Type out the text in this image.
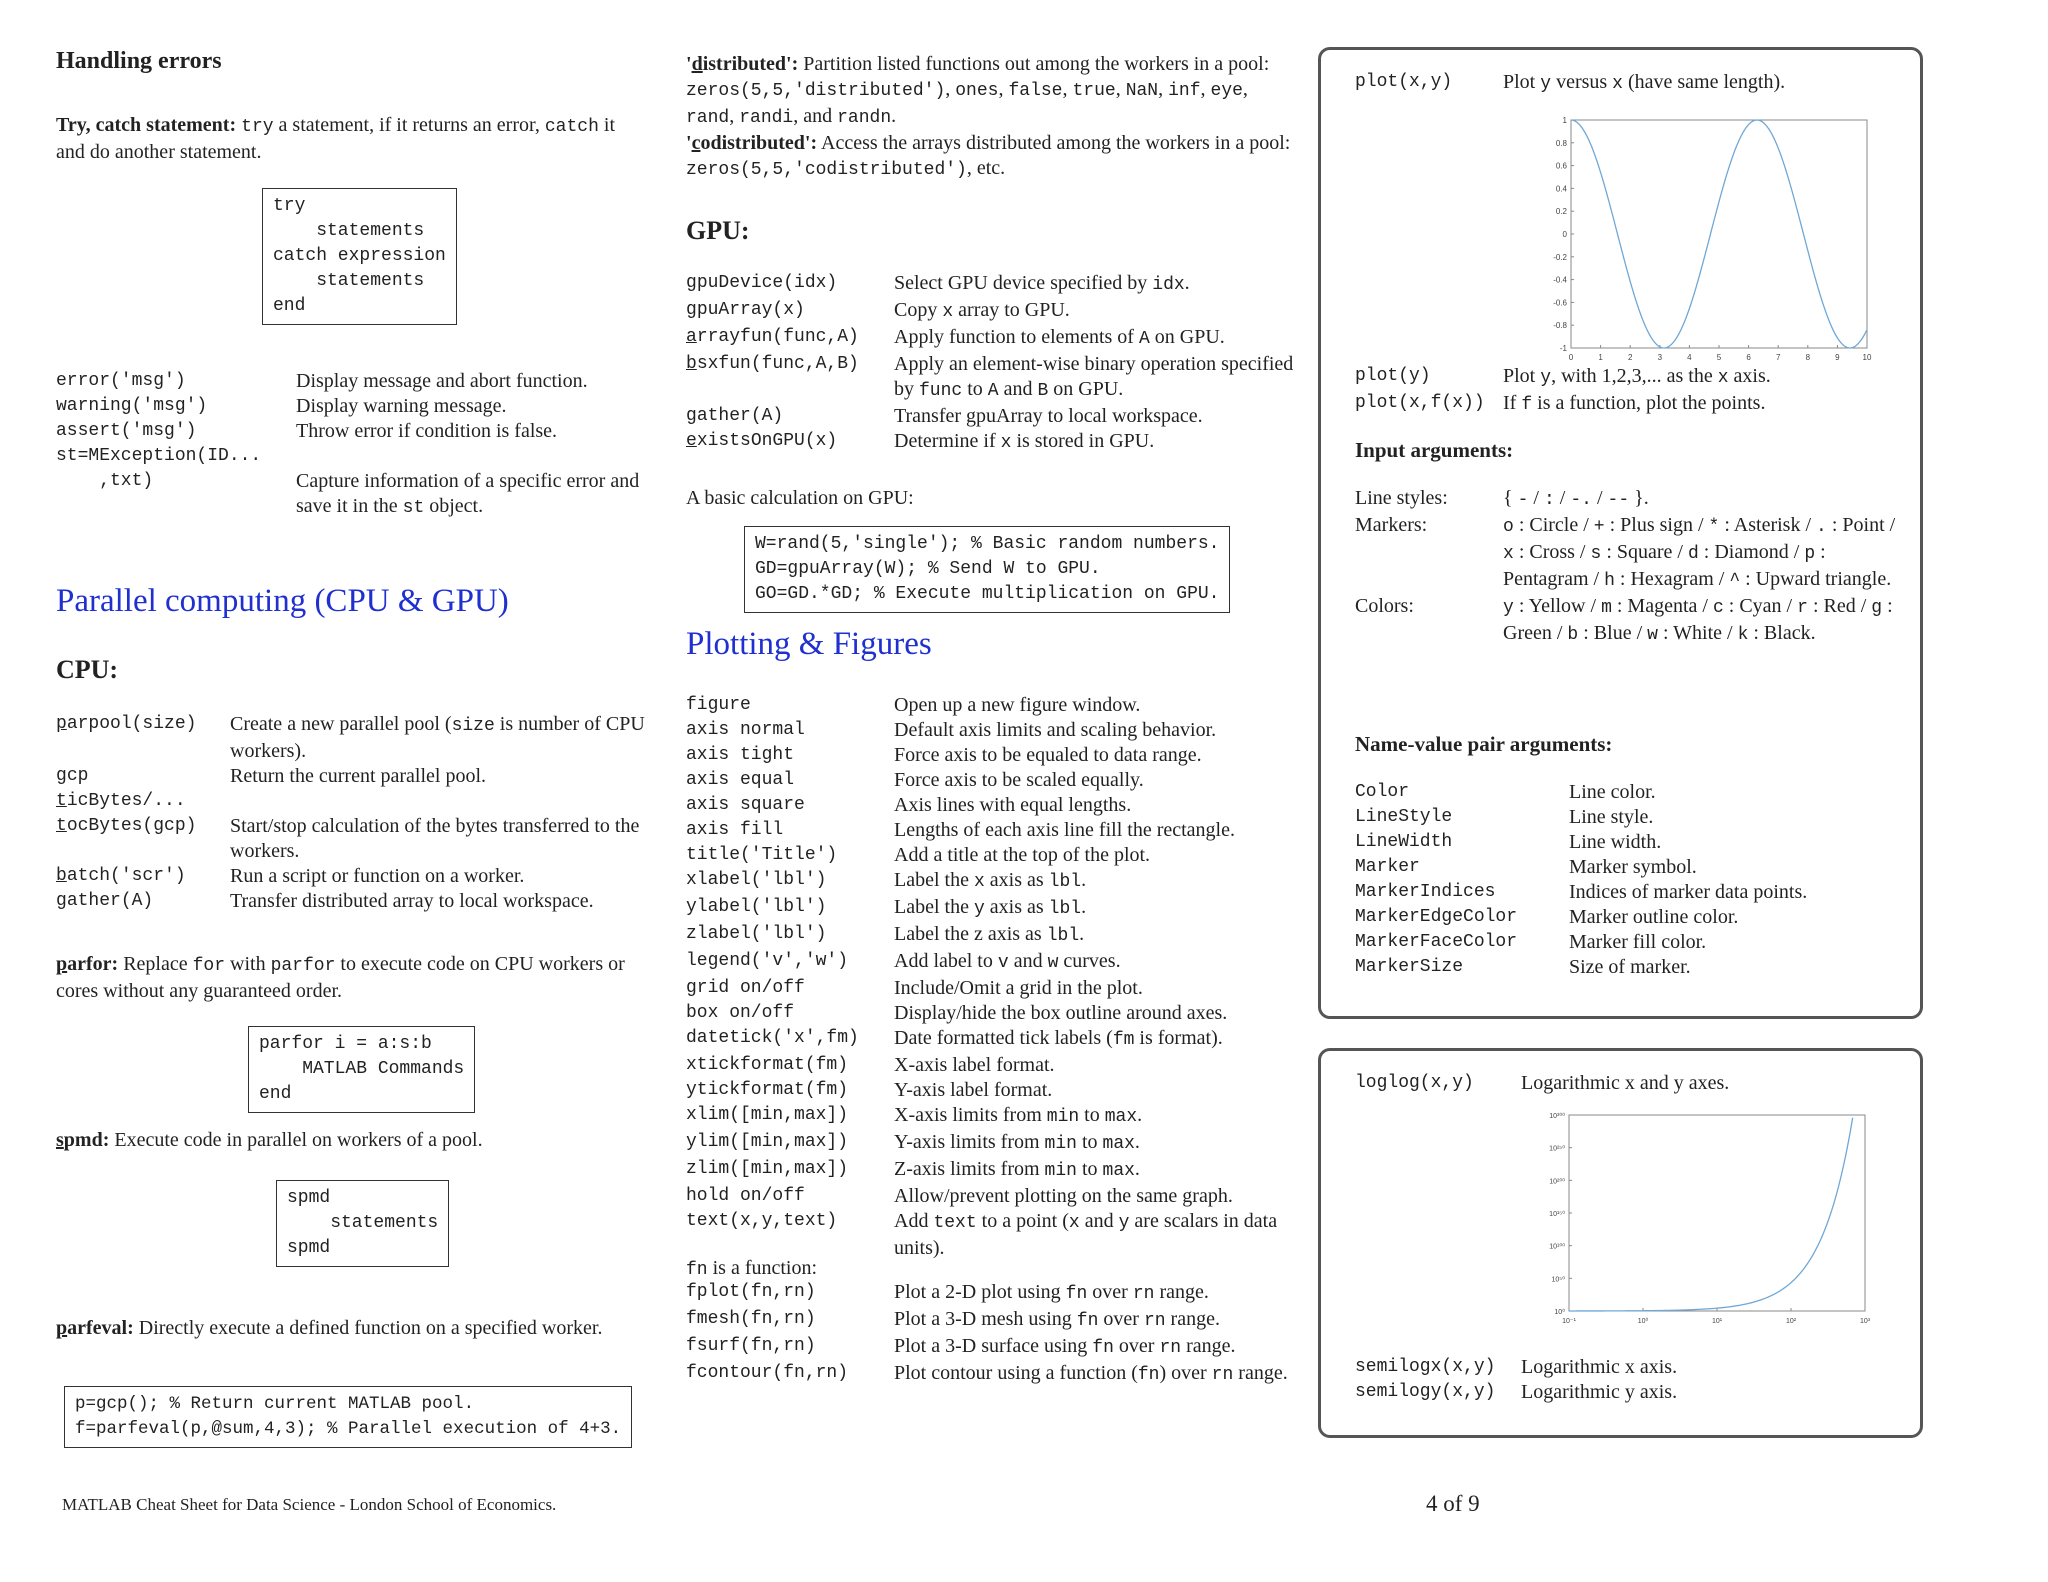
Handling errors
Try, catch statement: try a statement, if it returns an error, catch it and do another statement.
try
statements
catch expression
statements
end
error('msg')	Display message and abort function.
warning('msg')	Display warning message.
assert('msg')	Throw error if condition is false.
st=MException(ID...
,txt)	Capture information of a specific error and save it in the st object.
Parallel computing (CPU & GPU)
CPU:
parpool(size)	Create a new parallel pool (size is number of CPU workers).
gcp	Return the current parallel pool.
ticBytes/...
tocBytes(gcp)	Start/stop calculation of the bytes transferred to the workers.
batch('scr')	Run a script or function on a worker.
gather(A)	Transfer distributed array to local workspace.
parfor: Replace for with parfor to execute code on CPU workers or cores without any guaranteed order.
parfor i = a:s:b
MATLAB Commands
end
spmd: Execute code in parallel on workers of a pool.
spmd
statements
spmd
parfeval: Directly execute a defined function on a specified worker.
p=gcp(); % Return current MATLAB pool.
f=parfeval(p,@sum,4,3); % Parallel execution of 4+3.
'distributed': Partition listed functions out among the workers in a pool: zeros(5,5,'distributed'), ones, false, true, NaN, inf, eye, rand, randi, and randn.
'codistributed': Access the arrays distributed among the workers in a pool: zeros(5,5,'codistributed'), etc.
GPU:
gpuDevice(idx)	Select GPU device specified by idx.
gpuArray(x)	Copy x array to GPU.
arrayfun(func,A)	Apply function to elements of A on GPU.
bsxfun(func,A,B)	Apply an element-wise binary operation specified by func to A and B on GPU.
gather(A)	Transfer gpuArray to local workspace.
existsOnGPU(x)	Determine if x is stored in GPU.
A basic calculation on GPU:
W=rand(5,'single'); % Basic random numbers.
GD=gpuArray(W); % Send W to GPU.
GO=GD.*GD; % Execute multiplication on GPU.
Plotting & Figures
figure	Open up a new figure window.
axis normal	Default axis limits and scaling behavior.
axis tight	Force axis to be equaled to data range.
axis equal	Force axis to be scaled equally.
axis square	Axis lines with equal lengths.
axis fill	Lengths of each axis line fill the rectangle.
title('Title')	Add a title at the top of the plot.
xlabel('lbl')	Label the x axis as lbl.
ylabel('lbl')	Label the y axis as lbl.
zlabel('lbl')	Label the z axis as lbl.
legend('v','w')	Add label to v and w curves.
grid on/off	Include/Omit a grid in the plot.
box on/off	Display/hide the box outline around axes.
datetick('x',fm)	Date formatted tick labels (fm is format).
xtickformat(fm)	X-axis label format.
ytickformat(fm)	Y-axis label format.
xlim([min,max])	X-axis limits from min to max.
ylim([min,max])	Y-axis limits from min to max.
zlim([min,max])	Z-axis limits from min to max.
hold on/off	Allow/prevent plotting on the same graph.
text(x,y,text)	Add text to a point (x and y are scalars in data units).
fn is a function:
fplot(fn,rn)	Plot a 2-D plot using fn over rn range.
fmesh(fn,rn)	Plot a 3-D mesh using fn over rn range.
fsurf(fn,rn)	Plot a 3-D surface using fn over rn range.
fcontour(fn,rn)	Plot contour using a function (fn) over rn range.
plot(x,y)	Plot y versus x (have same length).
0	1	2	3	4	5	6	7	8	9	10
1
0.8
0.6
0.4
0.2
0
-0.2
-0.4
-0.6
-0.8
-1
plot(y)	Plot y, with 1,2,3,... as the x axis.
plot(x,f(x)) If f is a function, plot the points.
Input arguments:
Line styles:	{ - / : / -. / -- }.
Markers:	o : Circle / + : Plus sign / * : Asterisk / . : Point / x : Cross / s : Square / d : Diamond / p : Pentagram / h : Hexagram / ^ : Upward triangle.
Colors:	y : Yellow / m : Magenta / c : Cyan / r : Red / g : Green / b : Blue / w : White / k : Black.
Name-value pair arguments:
Color	Line color.
LineStyle	Line style.
LineWidth	Line width.
Marker	Marker symbol.
MarkerIndices	Indices of marker data points.
MarkerEdgeColor	Marker outline color.
MarkerFaceColor	Marker fill color.
MarkerSize	Size of marker.
loglog(x,y)	Logarithmic x and y axes.
10⁻¹	10⁰	10¹	10²	10³
10³⁰⁰
10²⁵⁰
10²⁰⁰
10¹⁵⁰
10¹⁰⁰
10⁵⁰
10⁰
semilogx(x,y)	Logarithmic x axis.
semilogy(x,y)	Logarithmic y axis.
MATLAB Cheat Sheet for Data Science - London School of Economics.	4 of 9
